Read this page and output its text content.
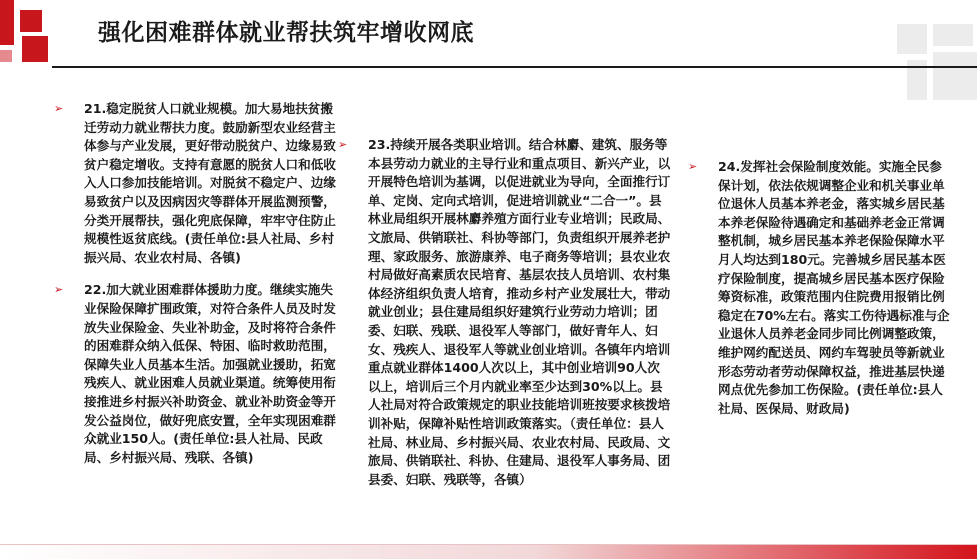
强化困难群体就业帮扶筑牢增收网底
➢ 21.稳定脱贫人口就业规模。加大易地扶贫搬迁劳动力就业帮扶力度。鼓励新型农业经营主体参与产业发展，更好带动脱贫户、边缘易致贫户稳定增收。支持有意愿的脱贫人口和低收入人口参加技能培训。对脱贫不稳定户、边缘易致贫户以及因病因灾等群体开展监测预警，分类开展帮扶，强化兜底保障，牢牢守住防止规模性返贫底线。(责任单位:县人社局、乡村振兴局、农业农村局、各镇)
➢ 22.加大就业困难群体援助力度。继续实施失业保险保障扩围政策，对符合条件人员及时发放失业保险金、失业补助金，及时将符合条件的困难群众纳入低保、特困、临时救助范围，保障失业人员基本生活。加强就业援助，拓宽残疾人、就业困难人员就业渠道。统筹使用衔接推进乡村振兴补助资金、就业补助资金等开发公益岗位，做好兜底安置，全年实现困难群众就业150人。(责任单位:县人社局、民政局、乡村振兴局、残联、各镇)
➢ 23.持续开展各类职业培训。结合林麝、建筑、服务等本县劳动力就业的主导行业和重点项目、新兴产业，以开展特色培训为基调，以促进就业为导向，全面推行订单、定岗、定向式培训，促进培训就业“二合一”。县林业局组织开展林麝养殖方面行业专业培训；民政局、文旅局、供销联社、科协等部门，负责组织开展养老护理、家政服务、旅游康养、电子商务等培训；县农业农村局做好高素质农民培育、基层农技人员培训、农村集体经济组织负责人培育，推动乡村产业发展壮大，带动就业创业；县住建局组织好建筑行业劳动力培训；团委、妇联、残联、退役军人等部门，做好青年人、妇女、残疾人、退役军人等就业创业培训。各镇年内培训重点就业群体1400人次以上，其中创业培训90人次以上，培训后三个月内就业率至少达到30%以上。县人社局对符合政策规定的职业技能培训班按要求核拨培训补贴，保障补贴性培训政策落实。（责任单位：县人社局、林业局、乡村振兴局、农业农村局、民政局、文旅局、供销联社、科协、住建局、退役军人事务局、团县委、妇联、残联等，各镇）
➢ 24.发挥社会保险制度效能。实施全民参保计划，依法依规调整企业和机关事业单位退休人员基本养老金，落实城乡居民基本养老保险待遇确定和基础养老金正常调整机制，城乡居民基本养老保险保障水平月人均达到180元。完善城乡居民基本医疗保险制度，提高城乡居民基本医疗保险筹资标准，政策范围内住院费用报销比例稳定在70%左右。落实工伤待遇标准与企业退休人员养老金同步同比例调整政策，维护网约配送员、网约车驾驶员等新就业形态劳动者劳动保障权益，推进基层快递网点优先参加工伤保险。(责任单位:县人社局、医保局、财政局)
